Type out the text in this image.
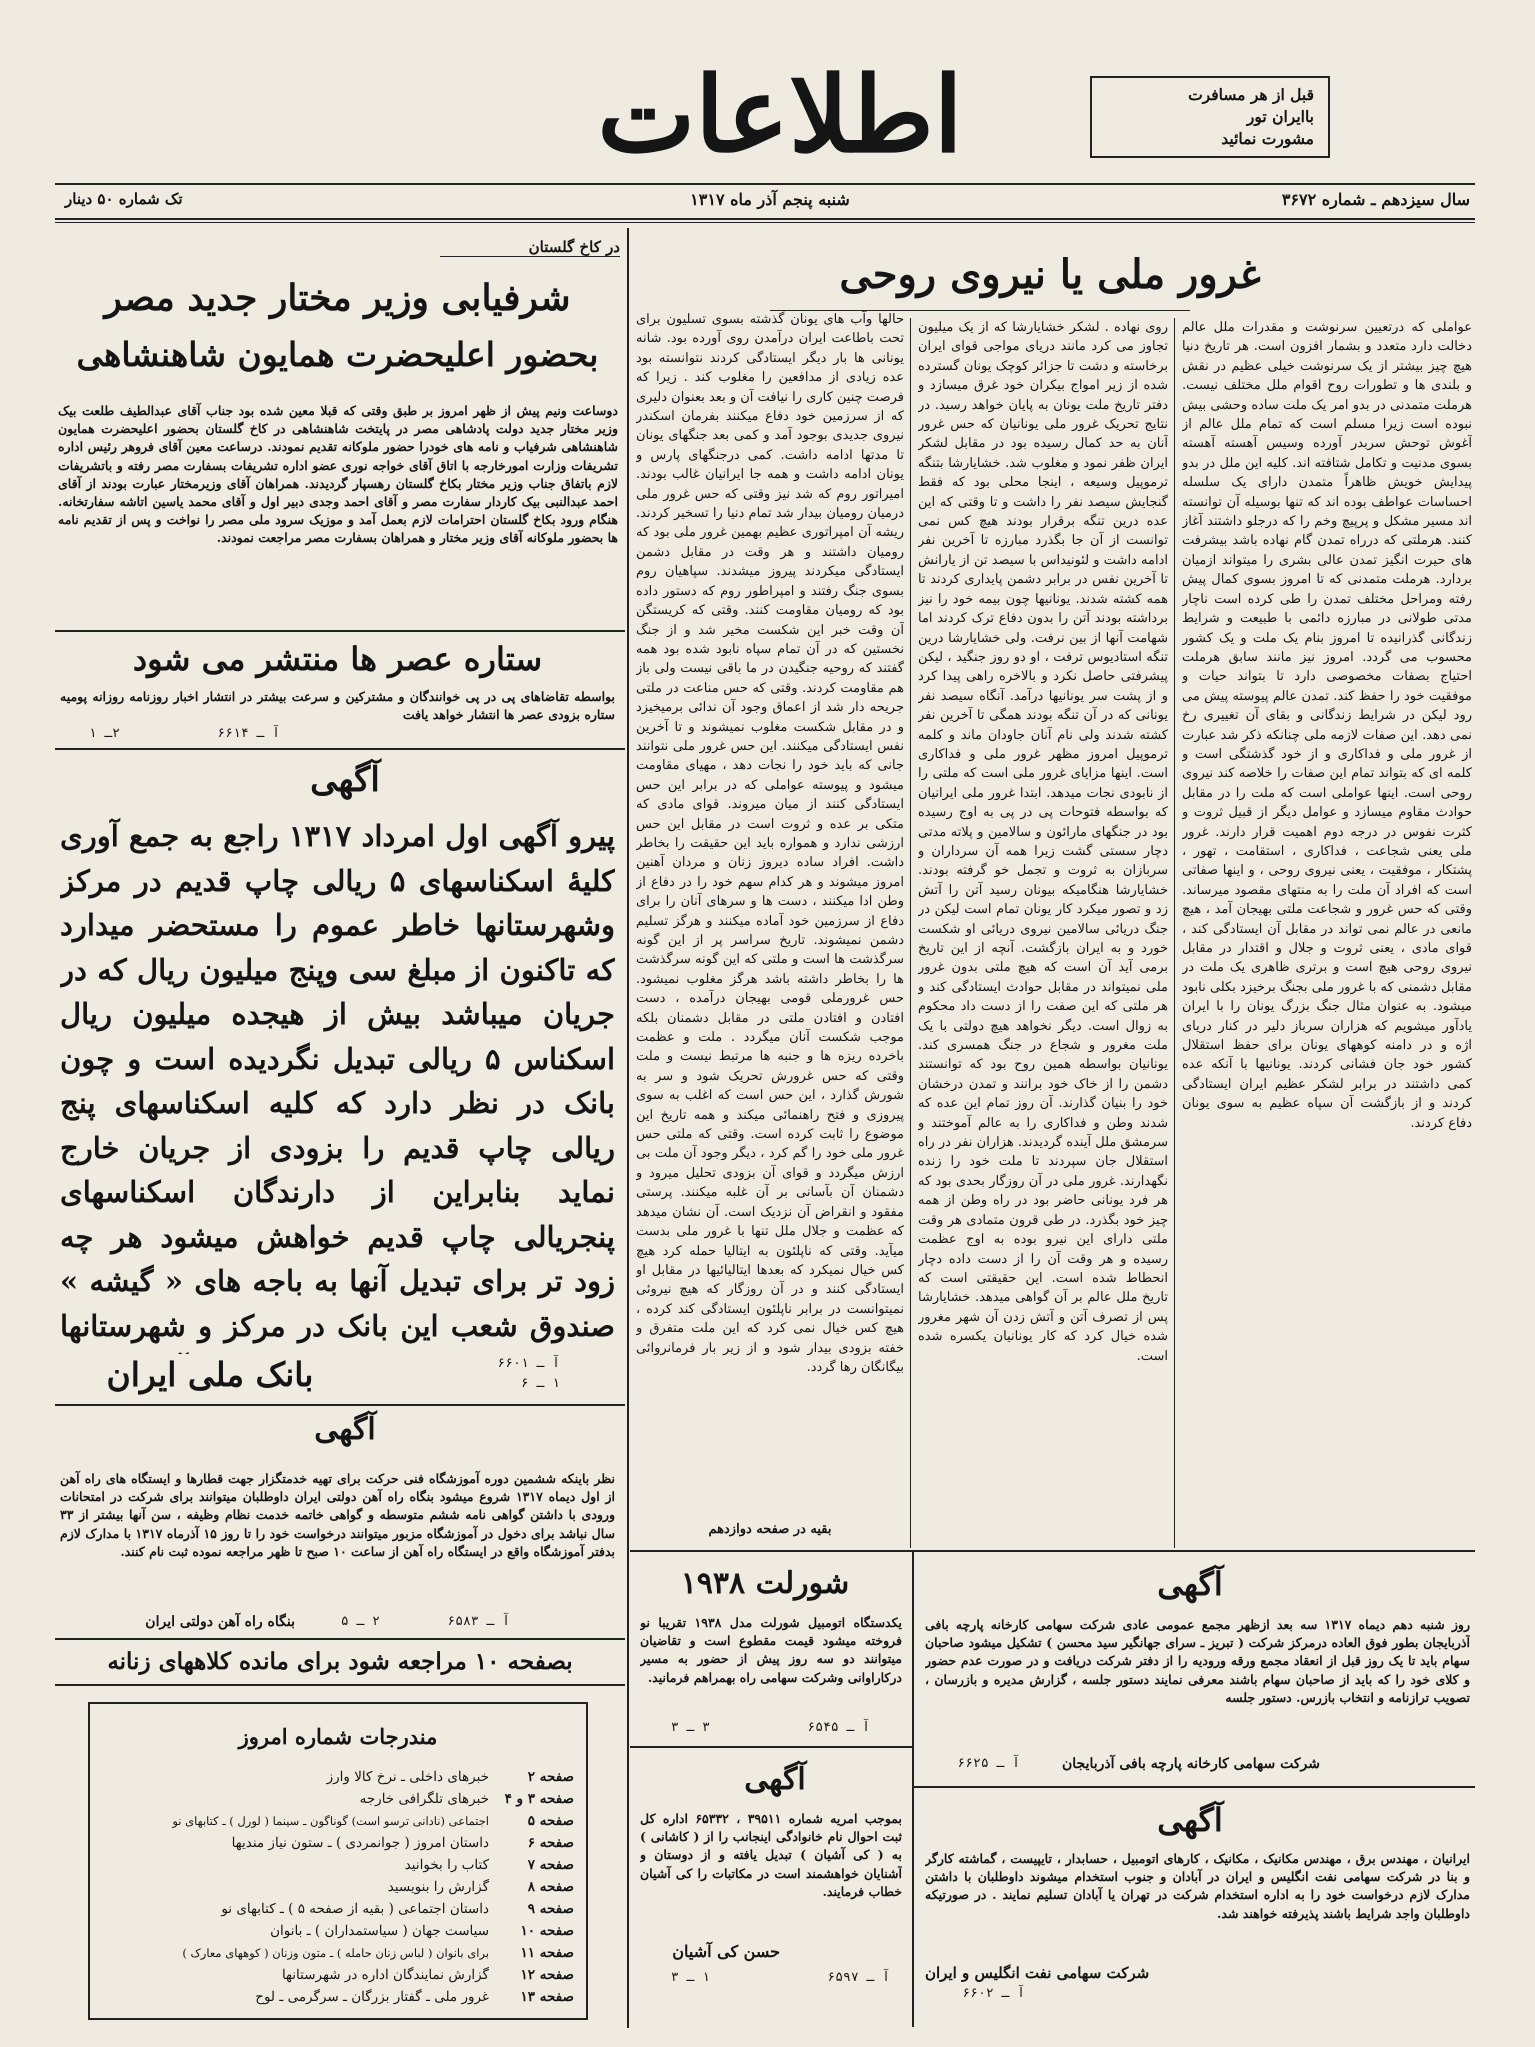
قبل از هر مسافرت
باایران تور
مشورت نمائید
اطلاعات
سال سیزدهم ـ شماره ۳۶۷۲
شنبه پنجم آذر ماه ۱۳۱۷
تک شماره ۵۰ دینار
غرور ملی یا نیروی روحی
عواملی که درتعیین سرنوشت و مقدرات ملل عالم دخالت دارد متعدد و بشمار افزون است. هر تاریخ دنیا هیچ چیز بیشتر از یک سرنوشت خیلی عظیم در نقش و بلندی ها و تطورات روح اقوام ملل مختلف نیست. هرملت متمدنی در بدو امر یک ملت ساده وحشی بیش نبوده است زیرا مسلم است که تمام ملل عالم از آغوش توحش سربدر آورده وسیس آهسته آهسته بسوی مدنیت و تکامل شتافته اند. کلیه این ملل در بدو پیدایش خویش ظاهراً متمدن دارای یک سلسله احساسات عواطف بوده اند که تنها بوسیله آن توانسته اند مسیر مشکل و پرپیچ وخم را که درجلو داشتند آغاز کنند. هرملتی که درراه تمدن گام نهاده باشد بیشرفت های حیرت انگیز تمدن عالی بشری را میتواند ازمیان بردارد. هرملت متمدنی که تا امروز بسوی کمال پیش رفته ومراحل مختلف تمدن را طی کرده است ناچار مدتی طولانی در مبارزه دائمی با طبیعت و شرایط زندگانی گذرانیده تا امروز بنام یک ملت و یک کشور محسوب می گردد. امروز نیز مانند سابق هرملت احتیاج بصفات مخصوصی دارد تا بتواند حیات و موفقیت خود را حفظ کند. تمدن عالم پیوسته پیش می رود لیکن در شرایط زندگانی و بقای آن تغییری رخ نمی دهد. این صفات لازمه ملی چنانکه ذکر شد عبارت از غرور ملی و فداکاری و از خود گذشتگی است و کلمه ای که بتواند تمام این صفات را خلاصه کند نیروی روحی است. اینها عواملی است که ملت را در مقابل حوادث مقاوم میسازد و عوامل دیگر از قبیل ثروت و کثرت نفوس در درجه دوم اهمیت قرار دارند. غرور ملی یعنی شجاعت ، فداکاری ، استقامت ، تهور ، پشتکار ، موفقیت ، یعنی نیروی روحی ، و اینها صفاتی است که افراد آن ملت را به منتهای مقصود میرساند. وقتی که حس غرور و شجاعت ملتی بهیجان آمد ، هیچ مانعی در عالم نمی تواند در مقابل آن ایستادگی کند ، قوای مادی ، یعنی ثروت و جلال و اقتدار در مقابل نیروی روحی هیچ است و برتری ظاهری یک ملت در مقابل دشمنی که با غرور ملی بجنگ برخیزد بکلی نابود میشود. به عنوان مثال جنگ بزرگ یونان را با ایران یادآور میشویم که هزاران سرباز دلیر در کنار دریای اژه و در دامنه کوههای یونان برای حفظ استقلال کشور خود جان فشانی کردند. یونانیها با آنکه عده کمی داشتند در برابر لشکر عظیم ایران ایستادگی کردند و از بازگشت آن سپاه عظیم به سوی یونان دفاع کردند.
روی نهاده . لشکر خشایارشا که از یک میلیون تجاوز می کرد مانند دریای مواجی قوای ایران برخاسته و دشت تا جزائر کوچک یونان گسترده شده از زیر امواج بیکران خود غرق میسازد و دفتر تاریخ ملت یونان به پایان خواهد رسید. در نتایج تحریک غرور ملی یونانیان که حس غرور آنان به حد کمال رسیده بود در مقابل لشکر ایران ظفر نمود و مغلوب شد. خشایارشا بتنگه ترموپیل وسیعه ، اینجا محلی بود که فقط گنجایش سیصد نفر را داشت و تا وقتی که این عده درین تنگه برقرار بودند هیچ کس نمی توانست از آن جا بگذرد مبارزه تا آخرین نفر ادامه داشت و لئونیداس با سیصد تن از یارانش تا آخرین نفس در برابر دشمن پایداری کردند تا همه کشته شدند. یونانیها چون بیمه خود را نیز برداشته بودند آتن را بدون دفاع ترک کردند اما شهامت آنها از بین نرفت. ولی خشایارشا درین تنگه استادیوس ترفت ، او دو روز جنگید ، لیکن پیشرفتی حاصل نکرد و بالاخره راهی پیدا کرد و از پشت سر یونانیها درآمد. آنگاه سیصد نفر یونانی که در آن تنگه بودند همگی تا آخرین نفر کشته شدند ولی نام آنان جاودان ماند و کلمه ترموپیل امروز مظهر غرور ملی و فداکاری است. اینها مزایای غرور ملی است که ملتی را از نابودی نجات میدهد. ابتدا غرور ملی ایرانیان که بواسطه فتوحات پی در پی به اوج رسیده بود در جنگهای مارائون و سالامین و پلاته مدتی دچار سستی گشت زیرا همه آن سرداران و سربازان به ثروت و تجمل خو گرفته بودند. خشایارشا هنگامیکه بیونان رسید آتن را آتش زد و تصور میکرد کار یونان تمام است لیکن در جنگ دریائی سالامین نیروی دریائی او شکست خورد و به ایران بازگشت. آنچه از این تاریخ برمی آید آن است که هیچ ملتی بدون غرور ملی نمیتواند در مقابل حوادث ایستادگی کند و هر ملتی که این صفت را از دست داد محکوم به زوال است. دیگر نخواهد هیچ دولتی با یک ملت مغرور و شجاع در جنگ همسری کند. یونانیان بواسطه همین روح بود که توانستند دشمن را از خاک خود برانند و تمدن درخشان خود را بنیان گذارند. آن روز تمام این عده که شدند وطن و فداکاری را به عالم آموختند و سرمشق ملل آینده گردیدند. هزاران نفر در راه استقلال جان سپردند تا ملت خود را زنده نگهدارند. غرور ملی در آن روزگار بحدی بود که هر فرد یونانی حاضر بود در راه وطن از همه چیز خود بگذرد. در طی قرون متمادی هر وقت ملتی دارای این نیرو بوده به اوج عظمت رسیده و هر وقت آن را از دست داده دچار انحطاط شده است. این حقیقتی است که تاریخ ملل عالم بر آن گواهی میدهد. خشایارشا پس از تصرف آتن و آتش زدن آن شهر مغرور شده خیال کرد که کار یونانیان یکسره شده است.
حالها وآب های یونان گذشته بسوی تسلیون برای تحت باطاعت ایران درآمدن روی آورده بود. شانه یونانی ها بار دیگر ایستادگی کردند نتوانسته بود عده زیادی از مدافعین را مغلوب کند . زیرا که فرصت چنین کاری را نیافت آن و بعد بعنوان دلیری که از سرزمین خود دفاع میکنند بفرمان اسکندر نیروی جدیدی بوجود آمد و کمی بعد جنگهای یونان تا مدتها ادامه داشت. کمی درجنگهای پارس و یونان ادامه داشت و همه جا ایرانیان غالب بودند. امیراتور روم که شد نیز وقتی که حس غرور ملی درمیان رومیان بیدار شد تمام دنیا را تسخیر کردند. ریشه آن امپراتوری عظیم بهمین غرور ملی بود که رومیان داشتند و هر وقت در مقابل دشمن ایستادگی میکردند پیروز میشدند. سپاهیان روم بسوی جنگ رفتند و امپراطور روم که دستور داده بود که رومیان مقاومت کنند. وقتی که کریستگن آن وقت خبر این شکست مخیر شد و از جنگ نخستین که در آن تمام سپاه نابود شده بود همه گفتند که روحیه جنگیدن در ما باقی نیست ولی باز هم مقاومت کردند. وقتی که حس مناعت در ملتی جریحه دار شد از اعماق وجود آن ندائی برمیخیزد و در مقابل شکست مغلوب نمیشوند و تا آخرین نفس ایستادگی میکنند. این حس غرور ملی نتوانند جانی که باید خود را نجات دهد ، مهیای مقاومت میشود و پیوسته عواملی که در برابر این حس ایستادگی کنند از میان میروند. قوای مادی که متکی بر عده و ثروت است در مقابل این حس ارزشی ندارد و همواره باید این حقیقت را بخاطر داشت. افراد ساده دیروز زنان و مردان آهنین امروز میشوند و هر کدام سهم خود را در دفاع از وطن ادا میکنند ، دست ها و سرهای آنان را برای دفاع از سرزمین خود آماده میکنند و هرگز تسلیم دشمن نمیشوند. تاریخ سراسر پر از این گونه سرگذشت ها است و ملتی که این گونه سرگذشت ها را بخاطر داشته باشد هرگز مغلوب نمیشود. حس غرورملی قومی بهیجان درآمده ، دست افتادن و افتادن ملتی در مقابل دشمنان بلکه موجب شکست آنان میگردد . ملت و عظمت باخرده ریزه ها و جنبه ها مرتبط نیست و ملت وقتی که حس غرورش تحریک شود و سر به شورش گذارد ، این حس است که اغلب به سوی پیروزی و فتح راهنمائی میکند و همه تاریخ این موضوع را ثابت کرده است. وقتی که ملتی حس غرور ملی خود را گم کرد ، دیگر وجود آن ملت بی ارزش میگردد و قوای آن بزودی تحلیل میرود و دشمنان آن بآسانی بر آن غلبه میکنند. پرستی مفقود و انقراض آن نزدیک است. آن نشان میدهد که عظمت و جلال ملل تنها با غرور ملی بدست میآید. وقتی که ناپلئون به ایتالیا حمله کرد هیچ کس خیال نمیکرد که بعدها ایتالیائیها در مقابل او ایستادگی کنند و در آن روزگار که هیچ نیروئی نمیتوانست در برابر ناپلئون ایستادگی کند کرده ، هیچ کس خیال نمی کرد که این ملت متفرق و خفته بزودی بیدار شود و از زیر بار فرمانروائی بیگانگان رها گردد.
بقیه در صفحه دوازدهم
در کاخ گلستان
شرفیابی وزیر مختار جدید مصر
بحضور اعلیحضرت همایون شاهنشاهی
دوساعت ونیم پیش از ظهر امروز بر طبق وقتی که قبلا معین شده بود جناب آقای عبدالطیف طلعت بیک وزیر مختار جدید دولت پادشاهی مصر در پایتخت شاهنشاهی در کاخ گلستان بحضور اعلیحضرت همایون شاهنشاهی شرفیاب و نامه های خودرا حضور ملوکانه تقدیم نمودند. درساعت معین آقای فروهر رئیس اداره تشریفات وزارت امورخارجه با اتاق آقای خواجه نوری عضو اداره تشریفات بسفارت مصر رفته و باتشریفات لازم باتفاق جناب وزیر مختار بکاخ گلستان رهسپار گردیدند. همراهان آقای وزیرمختار عبارت بودند از آقای احمد عبدالنبی بیک کاردار سفارت مصر و آقای احمد وجدی دبیر اول و آقای محمد یاسین اتاشه سفارتخانه. هنگام ورود بکاخ گلستان احترامات لازم بعمل آمد و موزیک سرود ملی مصر را نواخت و پس از تقدیم نامه ها بحضور ملوکانه آقای وزیر مختار و همراهان بسفارت مصر مراجعت نمودند.
ستاره عصر ها منتشر می شود
بواسطه تقاضاهای پی در پی خوانندگان و مشترکین و سرعت بیشتر در انتشار اخبار روزنامه روزانه پومیه ستاره بزودی عصر ها انتشار خواهد یافت
آ ـ ۶۶۱۴
۲ـ ۱
آگهی
پیرو آگهی اول امرداد ۱۳۱۷ راجع به جمع آوری کلیهٔ اسکناسهای ۵ ریالی چاپ قدیم در مرکز وشهرستانها خاطر عموم را مستحضر میدارد که تاکنون از مبلغ سی وپنج میلیون ریال که در جریان میباشد بیش از هیجده میلیون ریال اسکناس ۵ ریالی تبدیل نگردیده است و چون بانک در نظر دارد که کلیه اسکناسهای پنج ریالی چاپ قدیم را بزودی از جریان خارج نماید بنابراین از دارندگان اسکناسهای پنجریالی چاپ قدیم خواهش میشود هر چه زود تر برای تبدیل آنها به باجه های « گیشه » صندوق شعب این بانک در مرکز و شهرستانها
آ ـ ۶۶۰۱
۱ ـ ۶
بانک ملی ایران
آگهی
نظر باینکه ششمین دوره آموزشگاه فنی حرکت برای تهیه خدمتگزار جهت قطارها و ایستگاه های راه آهن از اول دیماه ۱۳۱۷ شروع میشود بنگاه راه آهن دولتی ایران داوطلبان میتوانند برای شرکت در امتحانات ورودی با داشتن گواهی نامه ششم متوسطه و گواهی خاتمه خدمت نظام وظیفه ، سن آنها بیشتر از ۳۳ سال نباشد برای دخول در آموزشگاه مزبور میتوانند درخواست خود را تا روز ۱۵ آذرماه ۱۳۱۷ با مدارک لازم بدفتر آموزشگاه واقع در ایستگاه راه آهن از ساعت ۱۰ صبح تا ظهر مراجعه نموده ثبت نام کنند.
بنگاه راه آهن دولتی ایران	آ ـ ۶۵۸۳
۲ ـ ۵
بصفحه ۱۰ مراجعه شود برای مانده کلاههای زنانه
مندرجات شماره امروز
صفحه ۲
خبرهای داخلی ـ نرخ کالا وارز
صفحه ۳ و ۴
خبرهای تلگرافی خارجه
صفحه ۵
اجتماعی (نادانی ترسو است) گوناگون ـ سینما ( لورل ) ـ کتابهای نو
صفحه ۶
داستان امروز ( جوانمردی ) ـ ستون نیاز مندیها
صفحه ۷
کتاب را بخوانید
صفحه ۸
گزارش را بنویسید
صفحه ۹
داستان اجتماعی ( بقیه از صفحه ۵ ) ـ کتابهای نو
صفحه ۱۰
سیاست جهان ( سیاستمداران ) ـ بانوان
صفحه ۱۱
برای بانوان ( لباس زنان حامله ) ـ متون وزنان ( کوههای معارک )
صفحه ۱۲
گزارش نمایندگان اداره در شهرستانها
صفحه ۱۳
غرور ملی ـ گفتار بزرگان ـ سرگرمی ـ لوح
شورلت ۱۹۳۸
یکدستگاه اتومبیل شورلت مدل ۱۹۳۸ تقریبا نو فروخته میشود قیمت مقطوع است و تقاضیان میتوانند دو سه روز پیش از حضور به مسیر درکاراوانی وشرکت سهامی راه بهمراهم فرمانید.
آ ـ ۶۵۴۵
۳ ـ ۳
آگهی
بموجب امریه شماره ۳۹۵۱۱ ، ۶۵۳۳۲ اداره کل ثبت احوال نام خانوادگی اینجانب را از ( کاشانی ) به ( کی آشیان ) تبدیل یافته و از دوستان و آشنایان خواهشمند است در مکاتبات را کی آشیان خطاب فرمایند.
حسن کی آشیان
آ ـ ۶۵۹۷
۱ ـ ۳
آگهی
روز شنبه دهم دیماه ۱۳۱۷ سه بعد ازظهر مجمع عمومی عادی شرکت سهامی کارخانه پارچه بافی آذربایجان بطور فوق العاده درمرکز شرکت ( تبریز ـ سرای جهانگیر سید محسن ) تشکیل میشود صاحبان سهام باید تا یک روز قبل از انعقاد مجمع ورقه ورودیه را از دفتر شرکت دریافت و در صورت عدم حضور و کلای خود را که باید از صاحبان سهام باشند معرفی نمایند دستور جلسه ، گزارش مدیره و بازرسان ، تصویب ترازنامه و انتخاب بازرس. دستور جلسه
شرکت سهامی کارخانه پارچه بافی آذربایجان
آ ـ ۶۶۲۵
آگهی
ایرانیان ، مهندس برق ، مهندس مکانیک ، مکانیک ، کارهای اتومبیل ، حسابدار ، تایپیست ، گماشته کارگر و بنا در شرکت سهامی نفت انگلیس و ایران در آبادان و جنوب استخدام میشوند داوطلبان با داشتن مدارک لازم درخواست خود را به اداره استخدام شرکت در تهران یا آبادان تسلیم نمایند . در صورتیکه داوطلبان واجد شرایط باشند پذیرفته خواهند شد.
شرکت سهامی نفت انگلیس و ایران
آ ـ ۶۶۰۲
